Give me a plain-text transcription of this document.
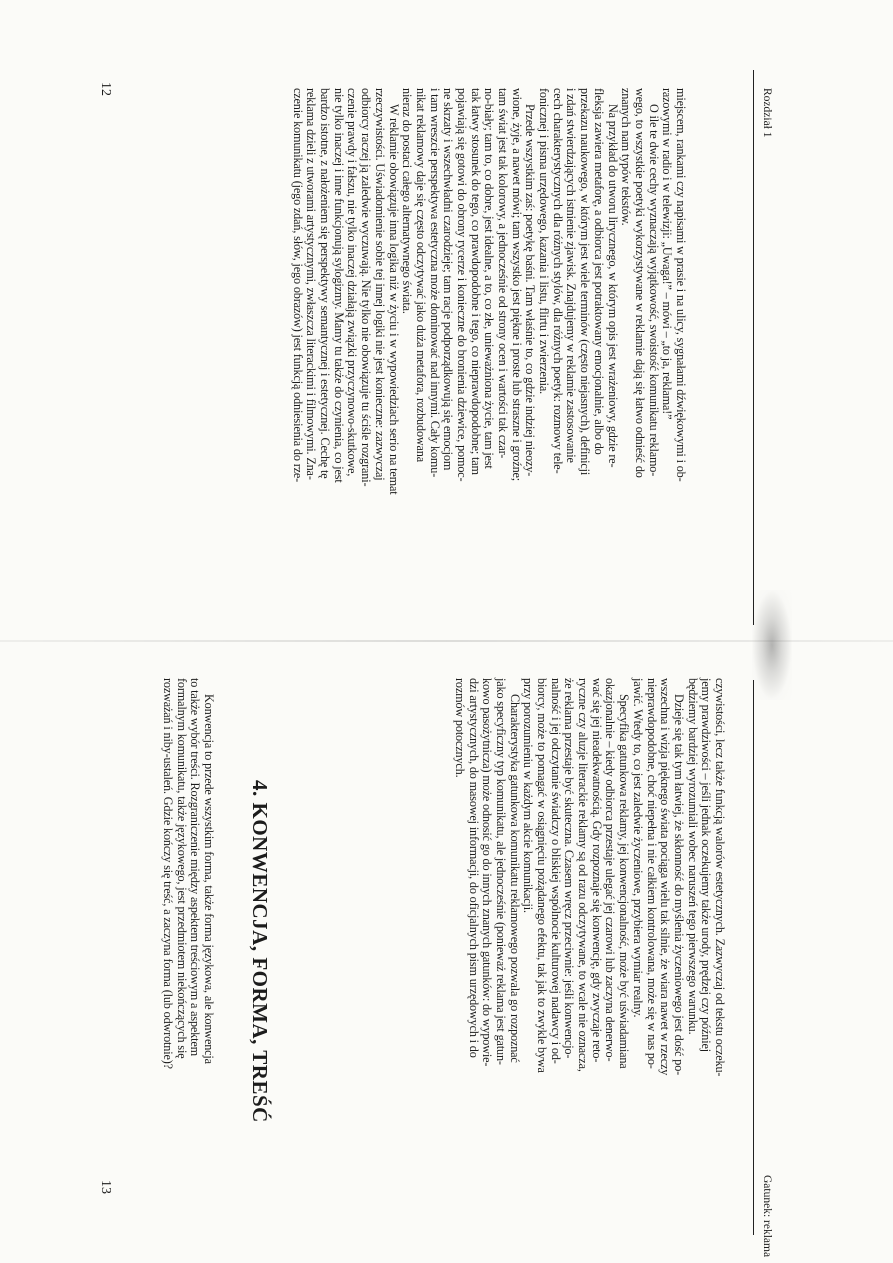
Rozdział 1
miejscem, rankami czy napisami w prasie i na ulicy, sygnałami dźwiękowymi i ob-
razowymi w radio i w telewizji: „Uwaga!” – mówi – „to ja, reklama!”
O ile te dwie cechy wyznaczają wyjątkowość, swoistość komunikatu reklamo-
wego, to wszystkie poetyki wykorzystywane w reklamie dają się łatwo odnieść do
znanych nam typów tekstów.
Na przykład do utworu lirycznego, w którym opis jest wrażeniowy, gdzie re-
fleksja zawiera metaforę, a odbiorca jest potraktowany emocjonalnie, albo do
przekazu naukowego, w którym jest wiele terminów (często niejasnych), definicji
i zdań stwierdzających istnienie zjawisk. Znajdujemy w reklamie zastosowanie
cech charakterystycznych dla różnych stylów, dla różnych poetyk: rozmowy tele-
fonicznej i pisma urzędowego, kazania i listu, flirtu i zwierzenia.
Przede wszystkim zaś: poetykę baśni. Tam właśnie to, co gdzie indziej nieozy-
wione, żyje, a nawet mówi; tam wszystko jest piękne i proste lub straszne i groźne;
tam świat jest tak kolorowy, a jednocześnie od strony ocen i wartości tak czar-
no-biały; tam to, co dobre, jest idealne, a to, co złe, unieważniona życie, tam jest
tak łatwy stosunek do tego, co prawdopodobne i tego, co nieprawdopodobne; tam
pojawiają się gotowi do obrony rycerze i konieczne do bronienia dziewice, pomoc-
ne skrzaty i wszechwładni czarodzieje; tam racje podporządkowują się emocjom
i tam wreszcie perspektywa estetyczna może dominować nad innymi. Cały komu-
nikat reklamowy daje się często odczytywać jako duża metafora, rozbudowana
nieraz do postaci całego alternatywnego świata.
W reklamie obowiązuje inna logika niż w życiu i w wypowiedziach serio na temat
rzeczywistości. Uświadomienie sobie tej innej logiki nie jest konieczne: zazwyczaj
odbiorcy raczej ją zaledwie wyczuwają. Nie tylko nie obowiązuje tu ściśle rozgrani-
czenie prawdy i fałszu, nie tylko inaczej działają związki przyczynowo-skutkowe,
nie tylko inaczej i inne funkcjonują sylogizmy. Mamy tu także do czynienia, co jest
bardzo istotne, z nałożeniem się perspektywy semantycznej i estetycznej. Cechę tę
reklama dzieli z utworami artystycznymi, zwłaszcza literackimi i filmowymi. Zna-
czenie komunikatu (jego zdań, słów, jego obrazów) jest funkcją odniesienia do rze-
12
Gatunek: reklama
czywistości, lecz także funkcją walorów estetycznych. Zazwyczaj od tekstu oczeku-
jemy prawdziwości – jeśli jednak oczekujemy także urody, prędzej czy później
będziemy bardziej wyrozumiali wobec naruszeń tego pierwszego warunku.
Dzieje się tak tym łatwiej, że skłonność do myślenia życzeniowego jest dość po-
wszechna i wizja pięknego świata pociąga wielu tak silnie, że wiara nawet w rzeczy
nieprawdopodobne, choć niepełna i nie całkiem kontrolowana, może się w nas po-
jawić. Wtedy to, co jest zaledwie życzeniowe, przybiera wymiar realny.
Specyfika gatunkowa reklamy, jej konwencjonalność, może być uświadamiana
okazjonalnie – kiedy odbiorca przestaje ulegać jej czarowi lub zaczyna denerwo-
wać się jej nieadekwatnością. Gdy rozpoznaje się konwencję, gdy zwyczaje reto-
ryczne czy aluzje literackie reklamy są od razu odczytywane, to wcale nie oznacza,
że reklama przestaje być skuteczna. Czasem wręcz przeciwnie: jeśli konwencjo-
nalność i jej odczytanie świadczy o bliskiej wspólnocie kulturowej nadawcy i od-
biorcy, może to pomagać w osiągnięciu pożądanego efektu, tak jak to zwykle bywa
przy porozumieniu w każdym akcie komunikacji.
Charakterystyka gatunkowa komunikatu reklamowego pozwala go rozpoznać
jako specyficzny typ komunikatu, ale jednocześnie (ponieważ reklama jest gatun-
kowo pasożytnicza) może odnosić go do innych znanych gatunków: do wypowie-
dzi artystycznych, do masowej informacji, do oficjalnych pism urzędowych i do
rozmów potocznych.
4. KONWENCJA, FORMA, TREŚĆ
Konwencja to przede wszystkim forma, także forma językowa, ale konwencja
to także wybór treści. Rozgraniczenie między aspektem treściowym a aspektem
formalnym komunikatu, także językowego, jest przedmiotem niekończących się
rozważań i niby-ustaleń. Gdzie kończy się treść, a zaczyna forma (lub odwrotnie)?
13
